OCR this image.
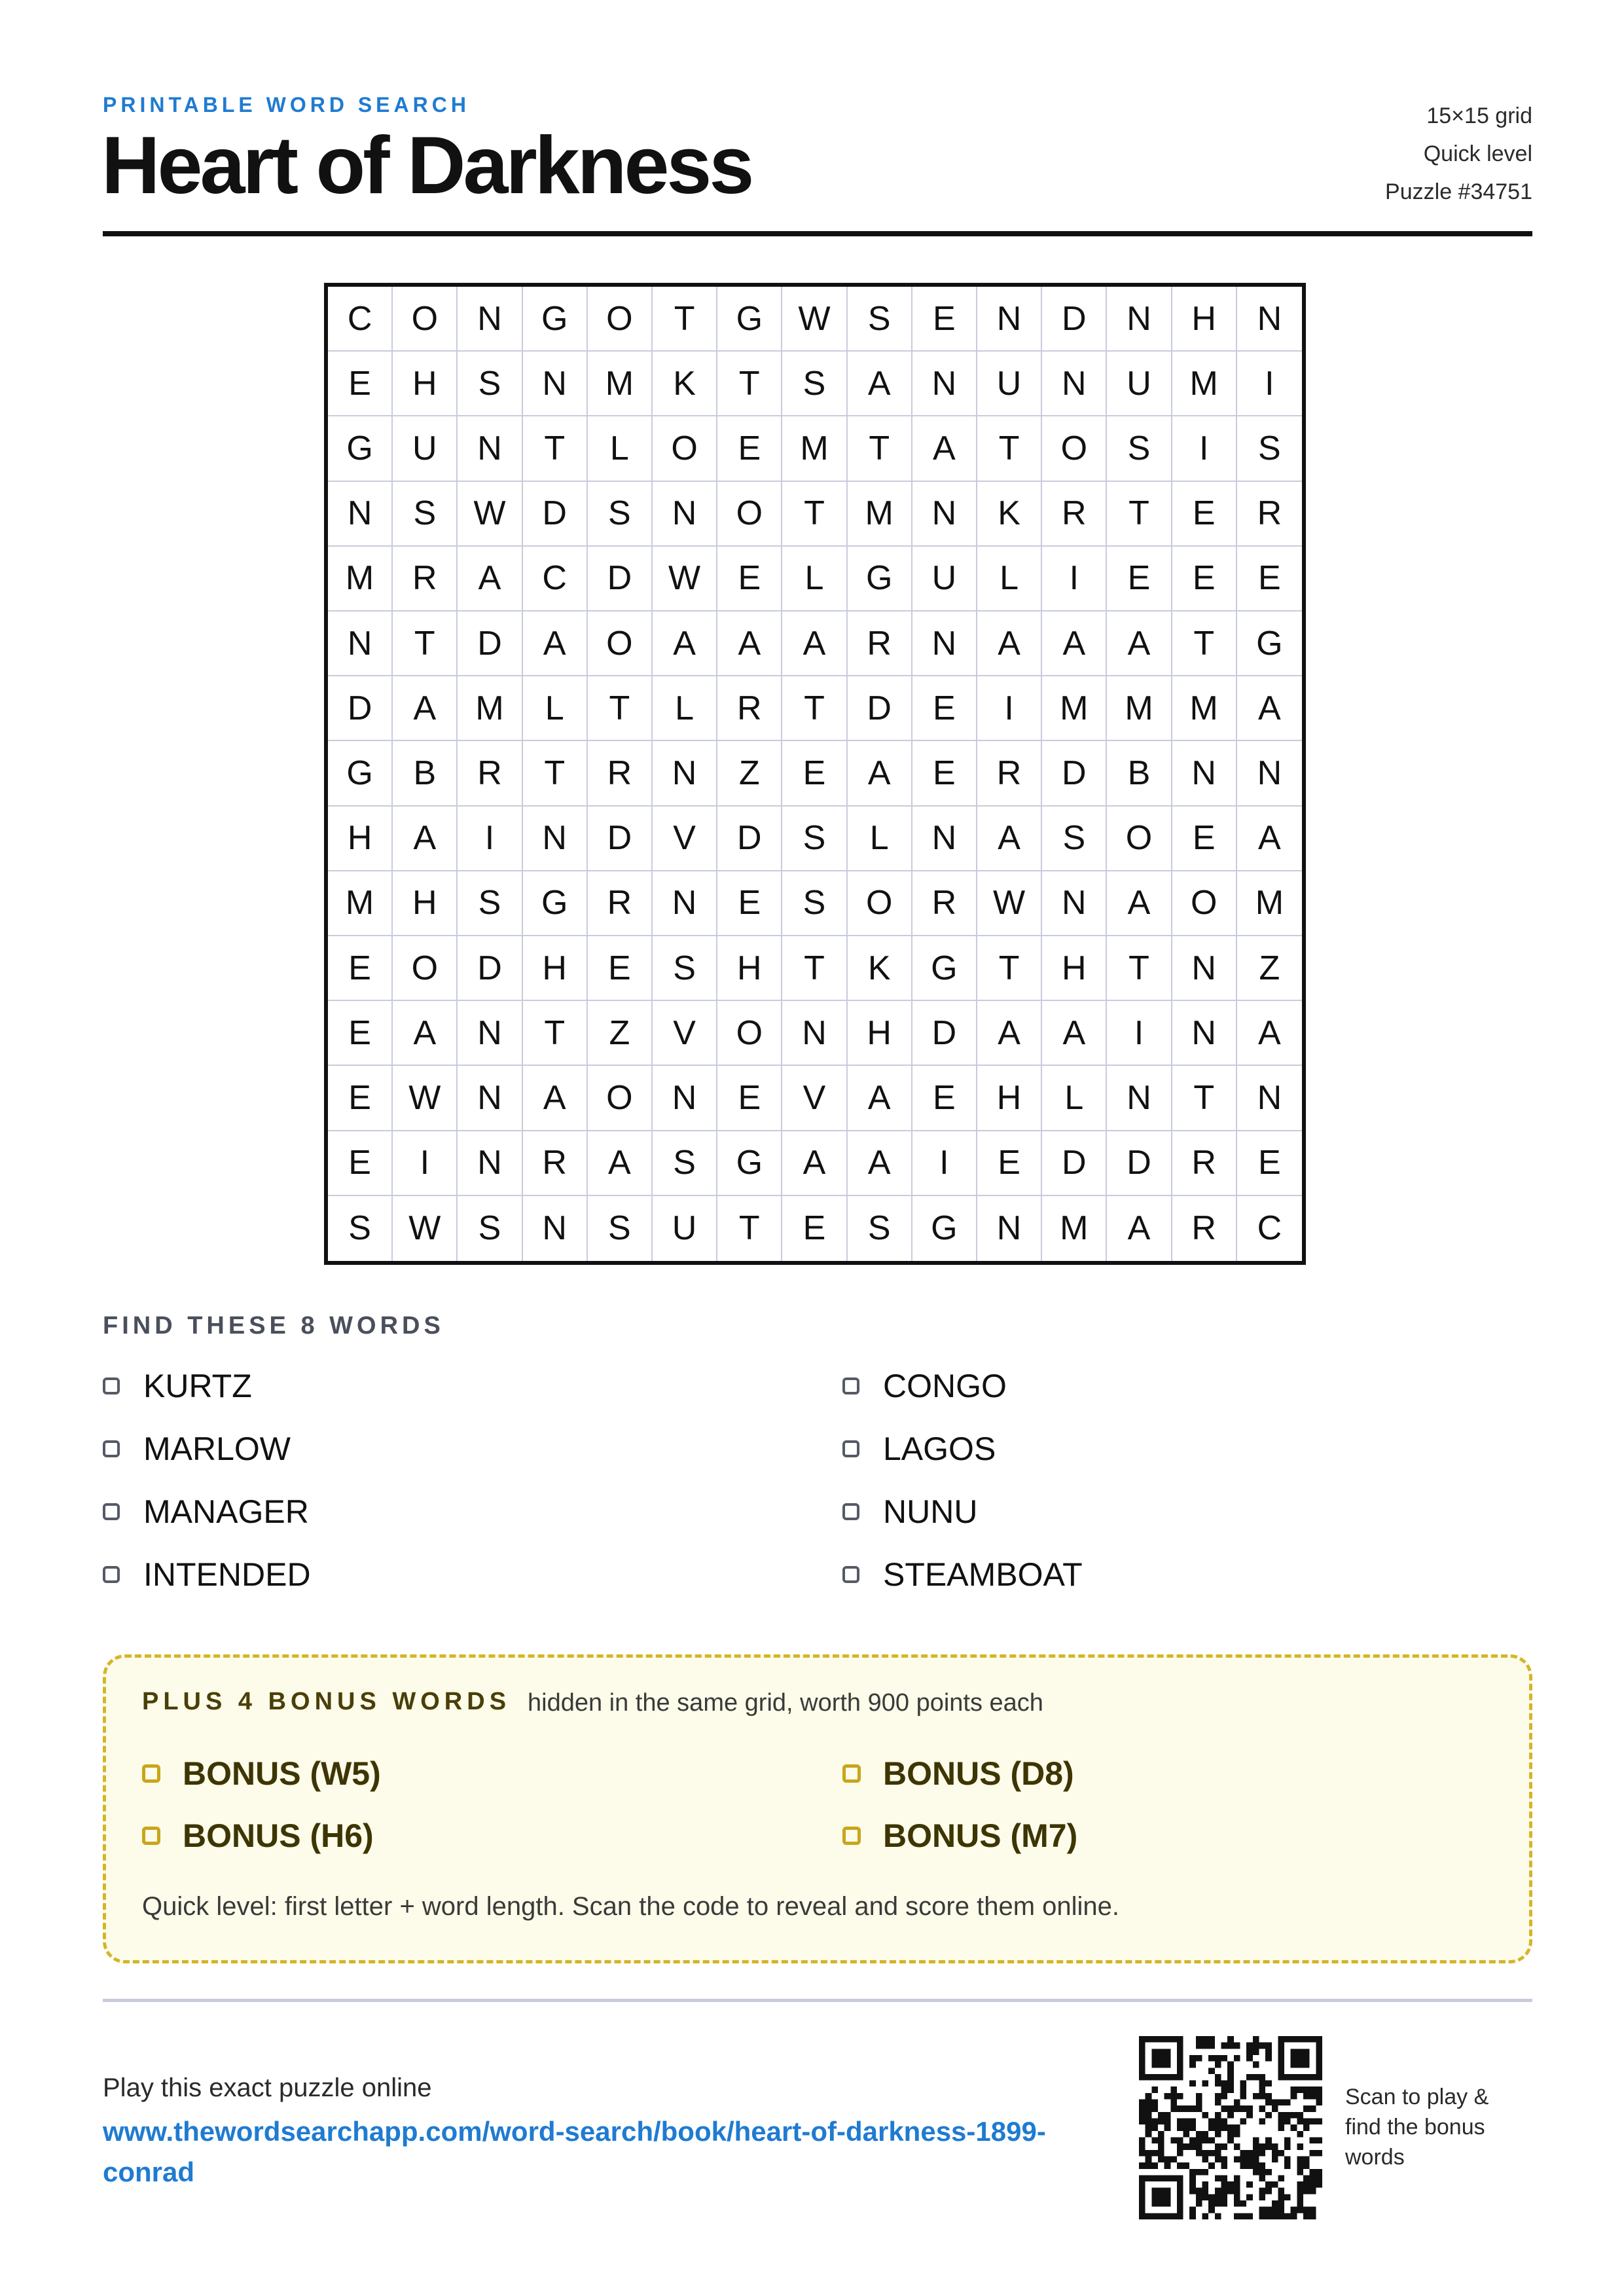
PRINTABLE WORD SEARCH
Heart of Darkness
15×15 grid
Quick level
Puzzle #34751
C	O	N	G	O	T	G	W	S	E	N	D	N	H	N
E	H	S	N	M	K	T	S	A	N	U	N	U	M	I
G	U	N	T	L	O	E	M	T	A	T	O	S	I	S
N	S	W	D	S	N	O	T	M	N	K	R	T	E	R
M	R	A	C	D	W	E	L	G	U	L	I	E	E	E
N	T	D	A	O	A	A	A	R	N	A	A	A	T	G
D	A	M	L	T	L	R	T	D	E	I	M	M	M	A
G	B	R	T	R	N	Z	E	A	E	R	D	B	N	N
H	A	I	N	D	V	D	S	L	N	A	S	O	E	A
M	H	S	G	R	N	E	S	O	R	W	N	A	O	M
E	O	D	H	E	S	H	T	K	G	T	H	T	N	Z
E	A	N	T	Z	V	O	N	H	D	A	A	I	N	A
E	W	N	A	O	N	E	V	A	E	H	L	N	T	N
E	I	N	R	A	S	G	A	A	I	E	D	D	R	E
S	W	S	N	S	U	T	E	S	G	N	M	A	R	C
FIND THESE 8 WORDS
KURTZ
MARLOW
MANAGER
INTENDED
CONGO
LAGOS
NUNU
STEAMBOAT
PLUS 4 BONUS WORDS hidden in the same grid, worth 900 points each
BONUS (W5)
BONUS (H6)
BONUS (D8)
BONUS (M7)
Quick level: first letter + word length. Scan the code to reveal and score them online.
Play this exact puzzle online
www.thewordsearchapp.com/word-search/book/heart-of-darkness-1899-conrad
Scan to play & find the bonus words
